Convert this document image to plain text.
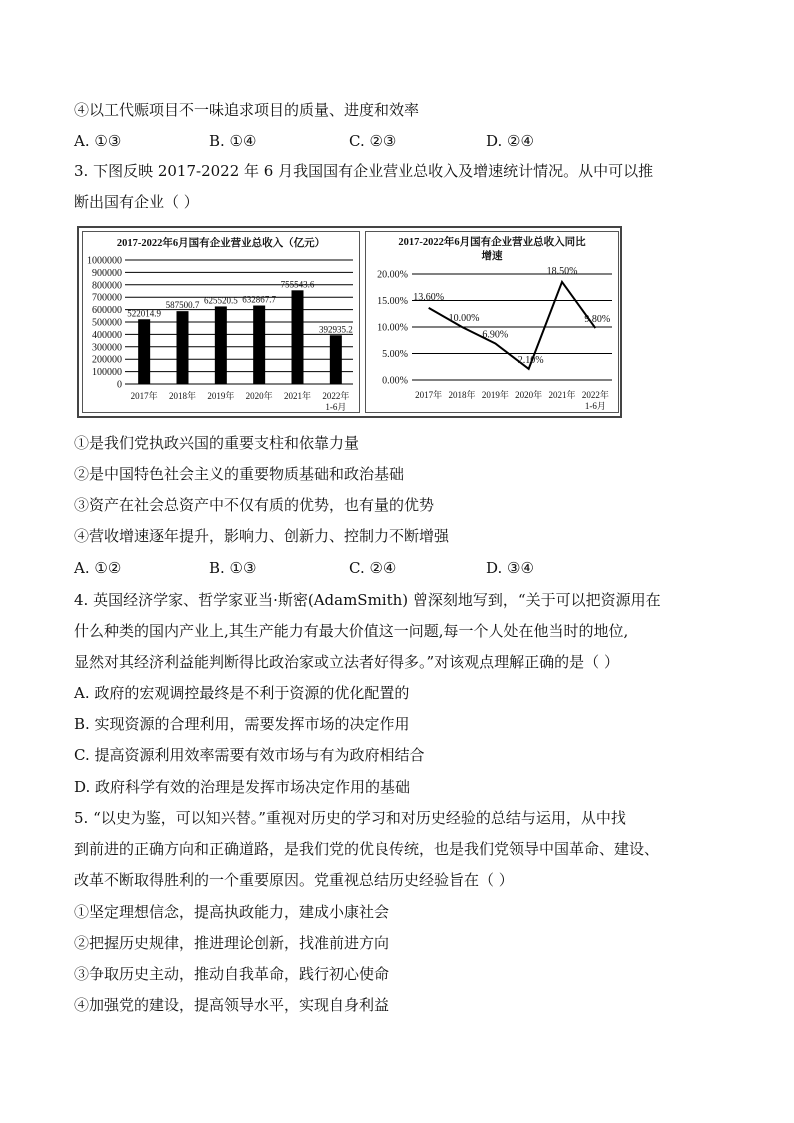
④以工代赈项目不一味追求项目的质量、进度和效率
A. ①③	B. ①④	C. ②③	D. ②④
3. 下图反映 2017-2022 年 6 月我国国有企业营业总收入及增速统计情况。从中可以推
断出国有企业（ ）
2017-2022年6月国有企业营业总收入（亿元）
0
100000
200000
300000
400000
500000
600000
700000
800000
900000
1000000
522014.9
2017年
587500.7
2018年
625520.5
2019年
632867.7
2020年
755543.6
2021年
392935.2
2022年
1-6月
2017-2022年6月国有企业营业总收入同比
增速
0.00%
5.00%
10.00%
15.00%
20.00%
13.60%
2017年
10.00%
2018年
6.90%
2019年
2.10%
2020年
18.50%
2021年
9.80%
2022年
1-6月
①是我们党执政兴国的重要支柱和依靠力量
②是中国特色社会主义的重要物质基础和政治基础
③资产在社会总资产中不仅有质的优势，也有量的优势
④营收增速逐年提升，影响力、创新力、控制力不断增强
A. ①②	B. ①③	C. ②④	D. ③④
4. 英国经济学家、哲学家亚当·斯密(AdamSmith) 曾深刻地写到，“关于可以把资源用在
什么种类的国内产业上,其生产能力有最大价值这一问题,每一个人处在他当时的地位,
显然对其经济利益能判断得比政治家或立法者好得多。”对该观点理解正确的是（ ）
A. 政府的宏观调控最终是不利于资源的优化配置的
B. 实现资源的合理利用，需要发挥市场的决定作用
C. 提高资源利用效率需要有效市场与有为政府相结合
D. 政府科学有效的治理是发挥市场决定作用的基础
5. “以史为鉴，可以知兴替。”重视对历史的学习和对历史经验的总结与运用，从中找
到前进的正确方向和正确道路，是我们党的优良传统，也是我们党领导中国革命、建设、
改革不断取得胜利的一个重要原因。党重视总结历史经验旨在（ ）
①坚定理想信念，提高执政能力，建成小康社会
②把握历史规律，推进理论创新，找准前进方向
③争取历史主动，推动自我革命，践行初心使命
④加强党的建设，提高领导水平，实现自身利益
